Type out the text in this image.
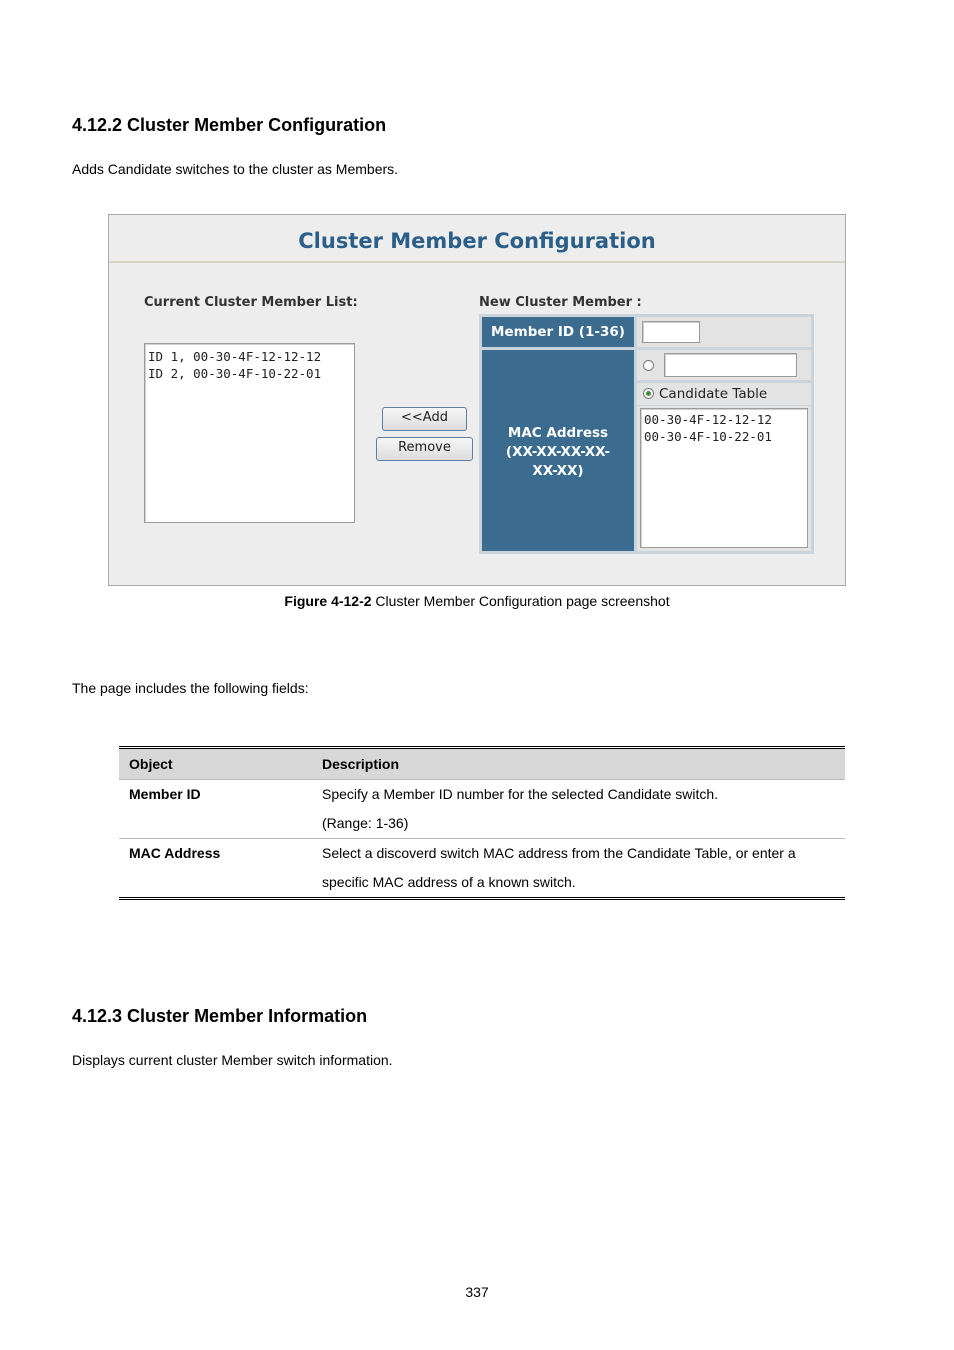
4.12.2 Cluster Member Configuration
Adds Candidate switches to the cluster as Members.
Cluster Member Configuration
Current Cluster Member List:
ID 1, 00-30-4F-12-12-12
ID 2, 00-30-4F-10-22-01
<<Add
Remove
New Cluster Member :
Member ID (1-36)
MAC Address
(XX-XX-XX-XX-
XX-XX)
Candidate Table
00-30-4F-12-12-12
00-30-4F-10-22-01
Figure 4-12-2 Cluster Member Configuration page screenshot
The page includes the following fields:
Object	Description
Member ID	Specify a Member ID number for the selected Candidate switch.
(Range: 1-36)

MAC Address	Select a discoverd switch MAC address from the Candidate Table, or enter a
specific MAC address of a known switch.
4.12.3 Cluster Member Information
Displays current cluster Member switch information.
337
